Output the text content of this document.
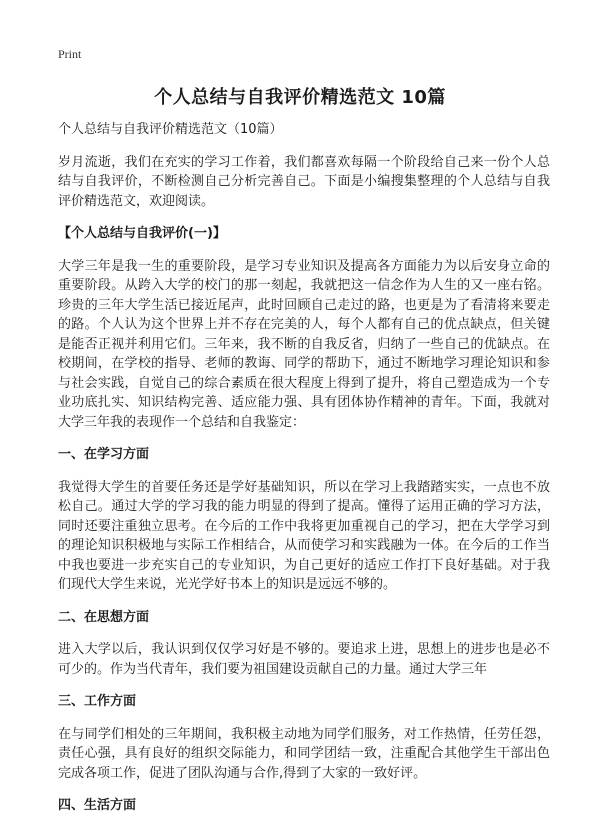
Print
个人总结与自我评价精选范文 10篇
个人总结与自我评价精选范文（10篇）
岁月流逝，我们在充实的学习工作着，我们都喜欢每隔一个阶段给自己来一份个人总结与自我评价，不断检测自己分析完善自己。下面是小编搜集整理的个人总结与自我评价精选范文，欢迎阅读。
【个人总结与自我评价(一)】
大学三年是我一生的重要阶段，是学习专业知识及提高各方面能力为以后安身立命的重要阶段。从跨入大学的校门的那一刻起，我就把这一信念作为人生的又一座右铭。珍贵的三年大学生活已接近尾声，此时回顾自己走过的路，也更是为了看清将来要走的路。个人认为这个世界上并不存在完美的人，每个人都有自己的优点缺点，但关键是能否正视并利用它们。三年来，我不断的自我反省，归纳了一些自己的优缺点。在校期间，在学校的指导、老师的教诲、同学的帮助下，通过不断地学习理论知识和参与社会实践，自觉自己的综合素质在很大程度上得到了提升，将自己塑造成为一个专业功底扎实、知识结构完善、适应能力强、具有团体协作精神的青年。下面，我就对大学三年我的表现作一个总结和自我鉴定：
一、在学习方面
我觉得大学生的首要任务还是学好基础知识，所以在学习上我踏踏实实，一点也不放松自己。通过大学的学习我的能力明显的得到了提高。懂得了运用正确的学习方法，同时还要注重独立思考。在今后的工作中我将更加重视自己的学习，把在大学学习到的理论知识积极地与实际工作相结合，从而使学习和实践融为一体。在今后的工作当中我也要进一步充实自己的专业知识，为自己更好的适应工作打下良好基础。对于我们现代大学生来说，光光学好书本上的知识是远远不够的。
二、在思想方面
进入大学以后，我认识到仅仅学习好是不够的。要追求上进，思想上的进步也是必不可少的。作为当代青年，我们要为祖国建设贡献自己的力量。通过大学三年
三、工作方面
在与同学们相处的三年期间，我积极主动地为同学们服务，对工作热情，任劳任怨，责任心强，具有良好的组织交际能力，和同学团结一致，注重配合其他学生干部出色完成各项工作，促进了团队沟通与合作,得到了大家的一致好评。
四、生活方面
